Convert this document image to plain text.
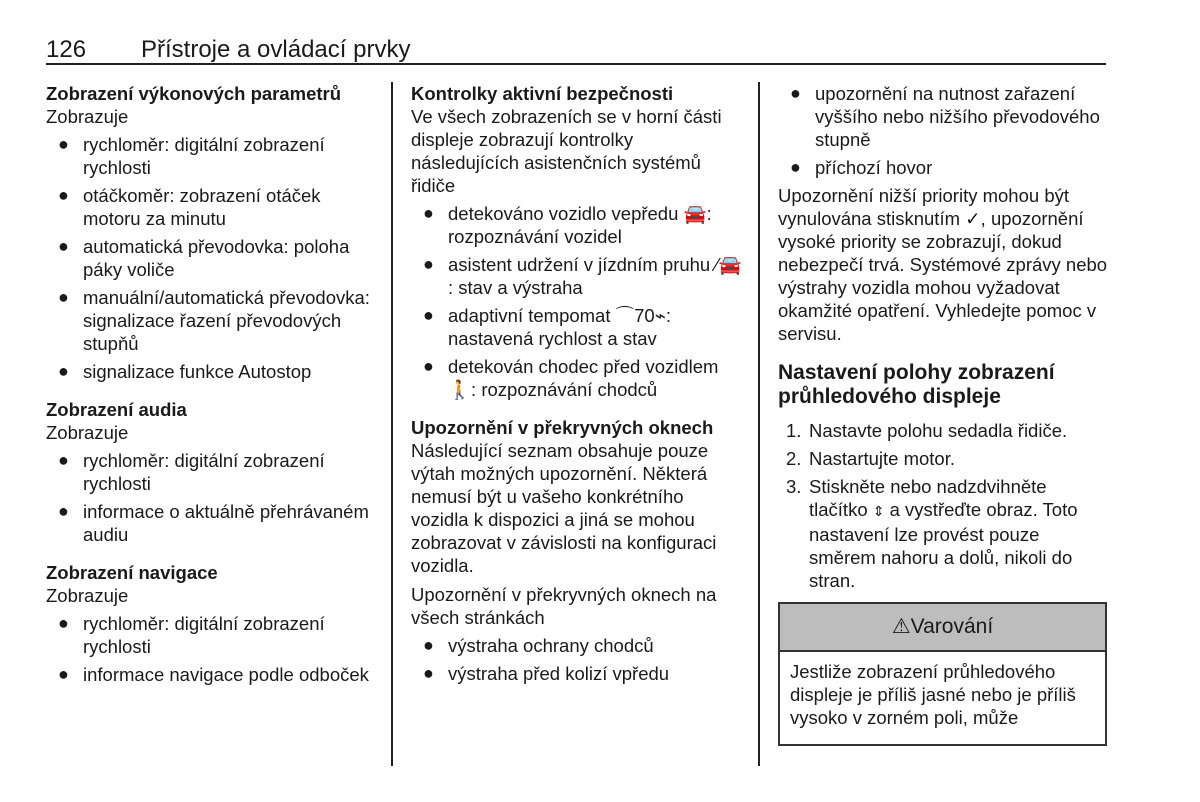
126 Přístroje a ovládací prvky

Zobrazení výkonových parametrů

Zobrazuje

● rychloměr: digitální zobrazení rychlosti
● otáčkoměr: zobrazení otáček motoru za minutu
● automatická převodovka: poloha páky voliče
● manuální/automatická převodovka: signalizace řazení převodových stupňů
● signalizace funkce Autostop

Zobrazení audia

Zobrazuje

● rychloměr: digitální zobrazení rychlosti
● informace o aktuálně přehrávaném audiu

Zobrazení navigace

Zobrazuje

● rychloměr: digitální zobrazení rychlosti
● informace navigace podle odboček

Kontrolky aktivní bezpečnosti

Ve všech zobrazeních se v horní části displeje zobrazují kontrolky následujících asistenčních systémů řidiče

● detekováno vozidlo vepředu 🚘: rozpoznávání vozidel
● asistent udržení v jízdním pruhu ⁄🚘: stav a výstraha
● adaptivní tempomat ⌒70⌁: nastavená rychlost a stav
● detekován chodec před vozidlem 🚶: rozpoznávání chodců

Upozornění v překryvných oknech

Následující seznam obsahuje pouze výtah možných upozornění. Některá nemusí být u vašeho konkrétního vozidla k dispozici a jiná se mohou zobrazovat v závislosti na konfiguraci vozidla.

Upozornění v překryvných oknech na všech stránkách

● výstraha ochrany chodců
● výstraha před kolizí vpředu
● upozornění na nutnost zařazení vyššího nebo nižšího převodového stupně
● příchozí hovor

Upozornění nižší priority mohou být vynulována stisknutím ✓, upozornění vysoké priority se zobrazují, dokud nebezpečí trvá. Systémové zprávy nebo výstrahy vozidla mohou vyžadovat okamžité opatření. Vyhledejte pomoc v servisu.

Nastavení polohy zobrazení průhledového displeje

1. Nastavte polohu sedadla řidiče.
2. Nastartujte motor.
3. Stiskněte nebo nadzdvihněte tlačítko ⇕ a vystřeďte obraz. Toto nastavení lze provést pouze směrem nahoru a dolů, nikoli do stran.
⚠Varování
Jestliže zobrazení průhledového displeje je příliš jasné nebo je příliš vysoko v zorném poli, může
